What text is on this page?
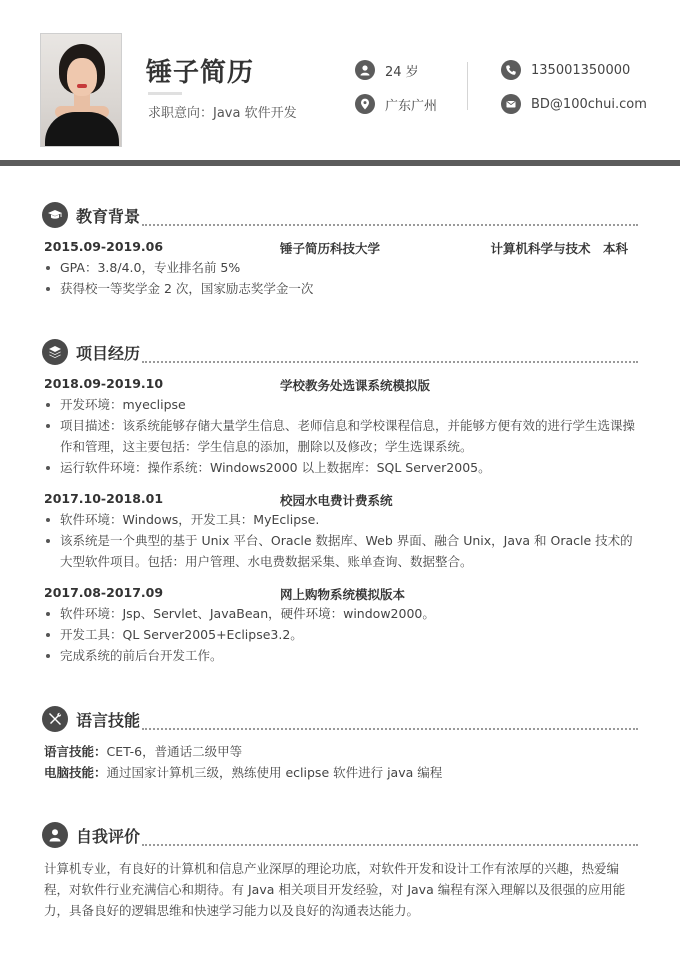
锤子简历
求职意向：Java 软件开发
24 岁
广东广州
135001350000
BD@100chui.com
教育背景
2015.09-2019.06	锤子简历科技大学	计算机科学与技术　本科
GPA：3.8/4.0，专业排名前 5%
获得校一等奖学金 2 次，国家励志奖学金一次
项目经历
2018.09-2019.10	学校教务处选课系统模拟版
开发环境：myeclipse
项目描述：该系统能够存储大量学生信息、老师信息和学校课程信息，并能够方便有效的进行学生选课操作和管理，这主要包括：学生信息的添加，删除以及修改；学生选课系统。
运行软件环境：操作系统：Windows2000 以上数据库：SQL Server2005。
2017.10-2018.01	校园水电费计费系统
软件环境：Windows，开发工具：MyEclipse.
该系统是一个典型的基于 Unix 平台、Oracle 数据库、Web 界面、融合 Unix，Java 和 Oracle 技术的大型软件项目。包括：用户管理、水电费数据采集、账单查询、数据整合。
2017.08-2017.09	网上购物系统模拟版本
软件环境：Jsp、Servlet、JavaBean，硬件环境：window2000。
开发工具：QL Server2005+Eclipse3.2。
完成系统的前后台开发工作。
语言技能
语言技能：CET-6，普通话二级甲等
电脑技能：通过国家计算机三级，熟练使用 eclipse 软件进行 java 编程
自我评价
计算机专业，有良好的计算机和信息产业深厚的理论功底，对软件开发和设计工作有浓厚的兴趣，热爱编程，对软件行业充满信心和期待。有 Java 相关项目开发经验，对 Java 编程有深入理解以及很强的应用能力，具备良好的逻辑思维和快速学习能力以及良好的沟通表达能力。
